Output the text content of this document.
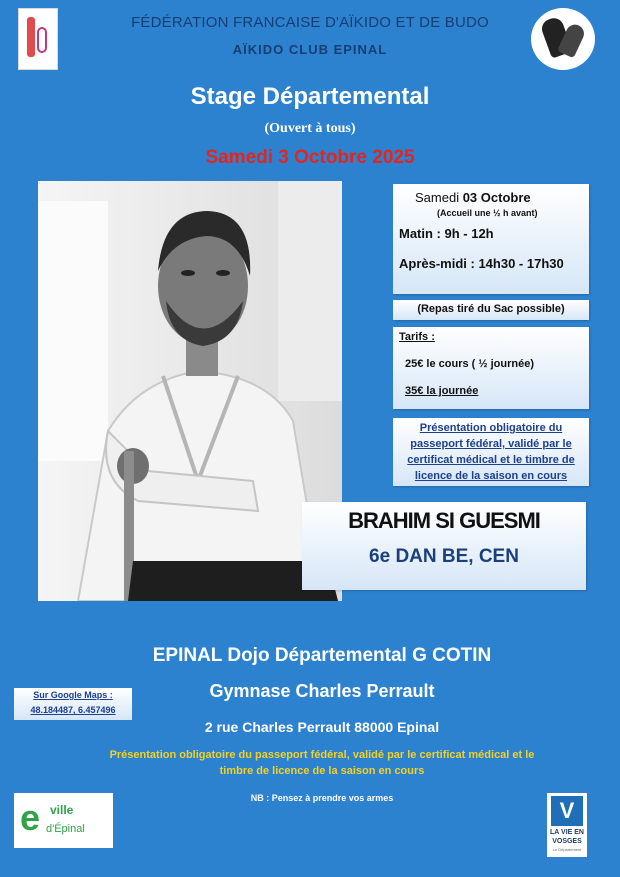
FÉDÉRATION FRANCAISE D'AÏKIDO ET DE BUDO
AÏKIDO CLUB EPINAL
Stage Départemental
(Ouvert à tous)
Samedi 3 Octobre 2025
Samedi 03 Octobre
(Accueil une ½ h avant)
Matin : 9h - 12h
Après-midi : 14h30 - 17h30
(Repas tiré du Sac possible)
Tarifs :
25€ le cours ( ½ journée)
35€ la journée
Présentation obligatoire du
passeport fédéral, validé par le
certificat médical et le timbre de
licence de la saison en cours
BRAHIM SI GUESMI
6e DAN BE, CEN
EPINAL Dojo Départemental G COTIN
Sur Google Maps :
48.184487, 6.457496
Gymnase Charles Perrault
2 rue Charles Perrault 88000 Epinal
Présentation obligatoire du passeport fédéral, validé par le certificat médical et le
timbre de licence de la saison en cours
NB : Pensez à prendre vos armes
e ville
d'Épinal
V
LA VIE EN
VOSGES
Le Département
